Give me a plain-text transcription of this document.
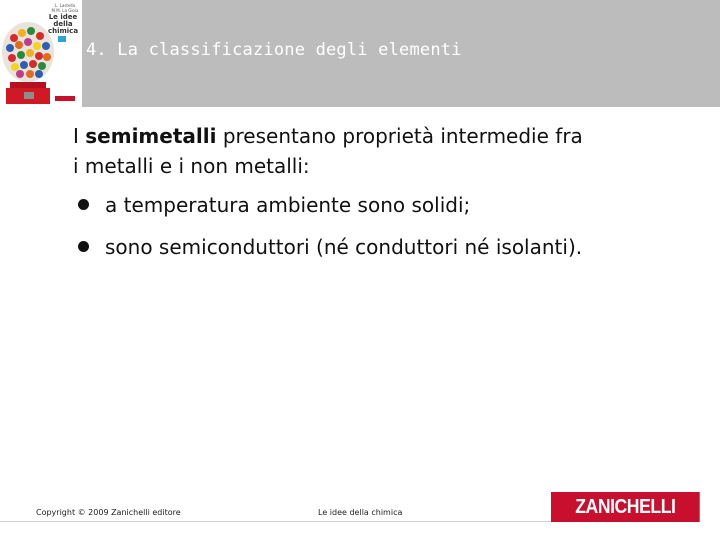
L. Lastella M.M. La Gioia
Le idee della chimica
4. La classificazione degli elementi
I semimetalli presentano proprietà intermedie fra
i metalli e i non metalli:
a temperatura ambiente sono solidi;
sono semiconduttori (né conduttori né isolanti).
Copyright © 2009 Zanichelli editore	Le idee della chimica	ZANICHELLI
